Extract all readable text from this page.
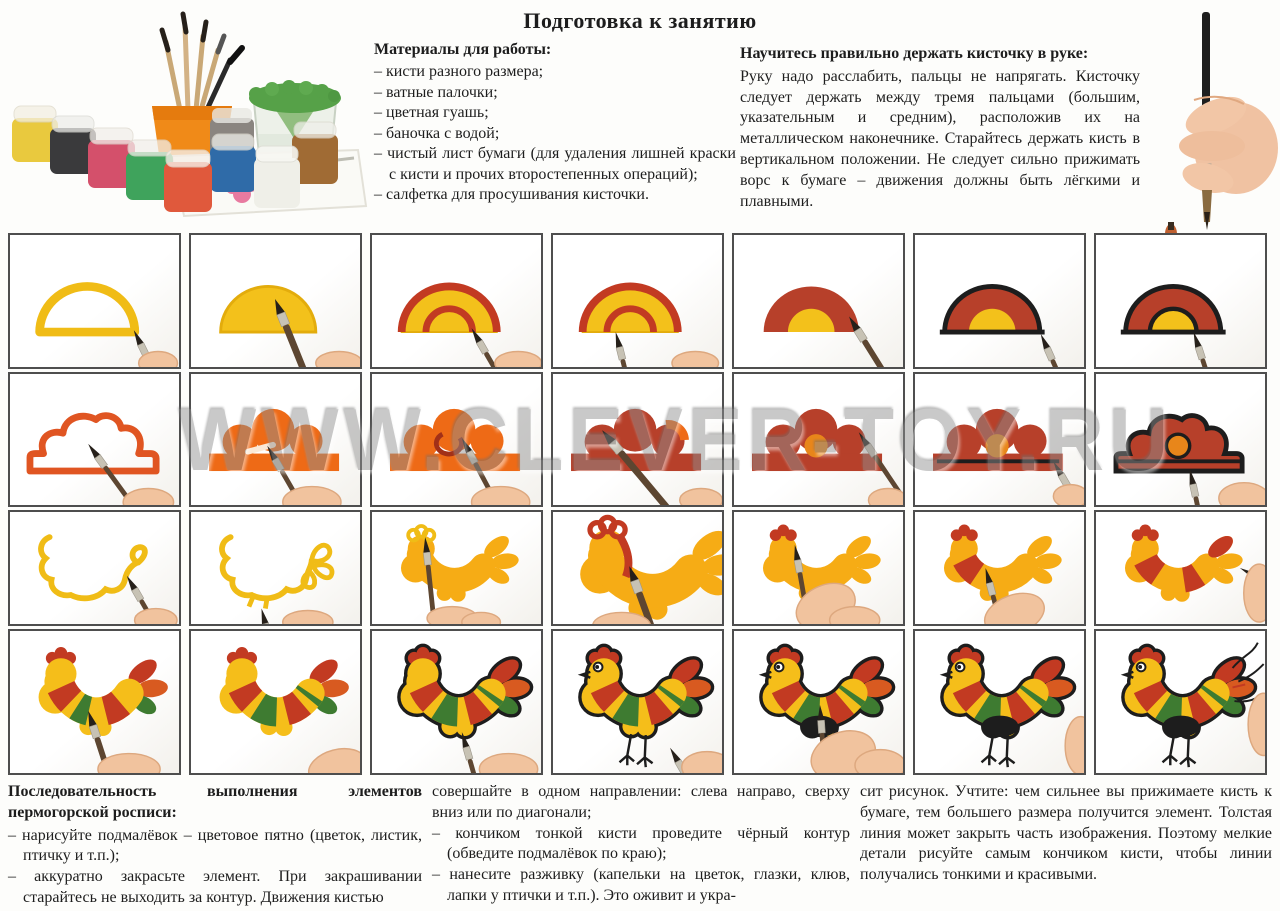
Подготовка к занятию

Материалы для работы:

– кисти разного размера;

– ватные палочки;

– цветная гуашь;

– баночка с водой;

– чистый лист бумаги (для удаления лишней краски с кисти и прочих второстепенных операций);

– салфетка для просушивания кисточки.

Научитесь правильно держать кисточку в руке:

Руку надо расслабить, пальцы не напрягать. Кисточку следует держать между тремя пальцами (большим, указательным и средним), расположив их на металлическом наконечнике. Старайтесь держать кисть в вертикальном положении. Не следует сильно прижимать ворс к бумаге – движения должны быть лёгкими и плавными.

WWW.CLEVER-TOY.RU

Последовательность выполнения элементов пермогорской росписи:

– нарисуйте подмалёвок – цветовое пятно (цветок, листик, птичку и т.п.);

– аккуратно закрасьте элемент. При закрашивании старайтесь не выходить за контур. Движения кистью

совершайте в одном направлении: слева направо, сверху вниз или по диагонали;

– кончиком тонкой кисти проведите чёрный контур (обведите подмалёвок по краю);

– нанесите разживку (капельки на цветок, глазки, клюв, лапки у птички и т.п.). Это оживит и укра-

сит рисунок. Учтите: чем сильнее вы прижимаете кисть к бумаге, тем большего размера получится элемент. Толстая линия может закрыть часть изображения. Поэтому мелкие детали рисуйте самым кончиком кисти, чтобы линии получались тонкими и красивыми.
